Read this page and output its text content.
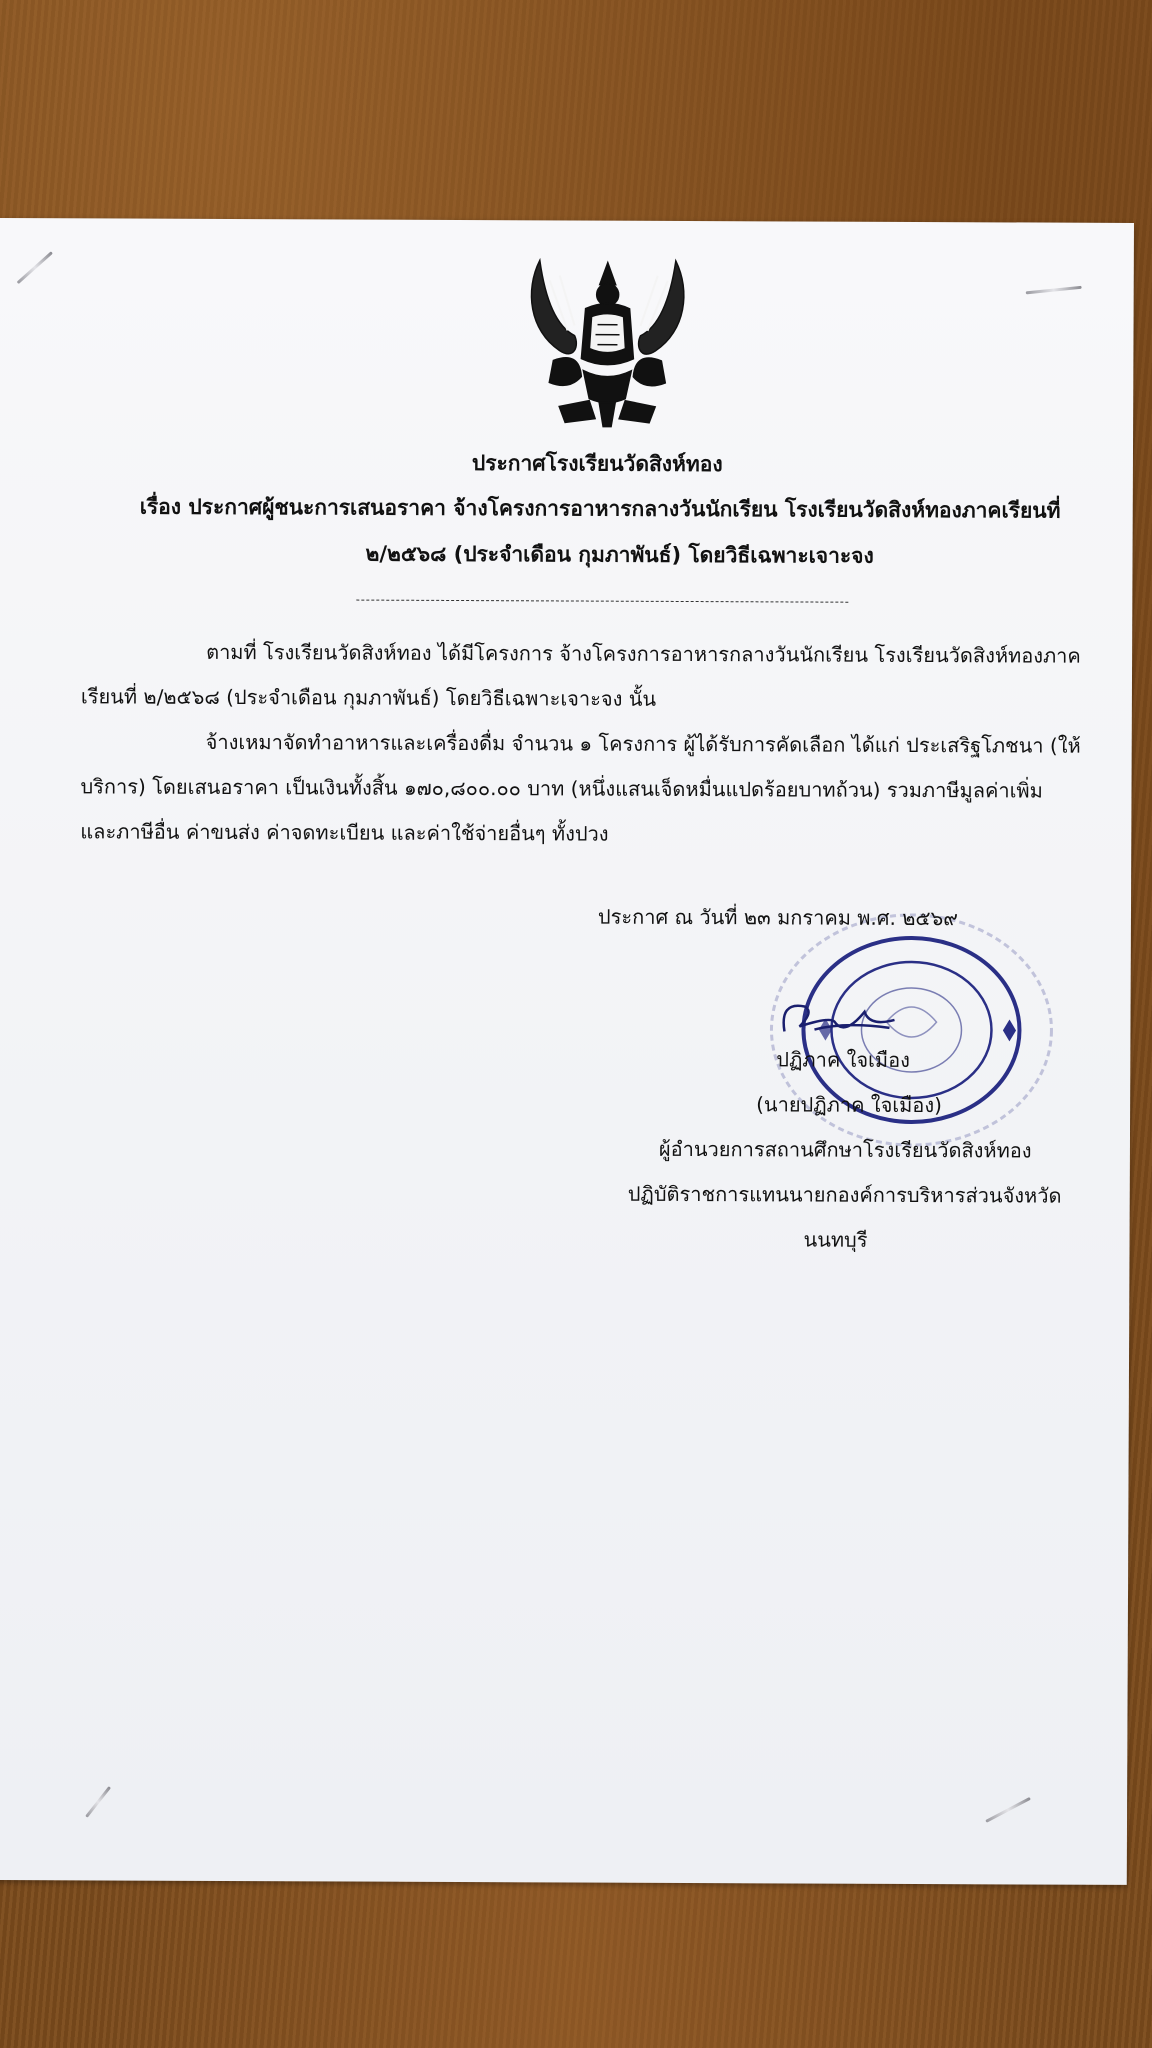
ประกาศโรงเรียนวัดสิงห์ทอง
เรื่อง ประกาศผู้ชนะการเสนอราคา จ้างโครงการอาหารกลางวันนักเรียน โรงเรียนวัดสิงห์ทองภาคเรียนที่
๒/๒๕๖๘ (ประจำเดือน กุมภาพันธ์) โดยวิธีเฉพาะเจาะจง
ตามที่ โรงเรียนวัดสิงห์ทอง ได้มีโครงการ จ้างโครงการอาหารกลางวันนักเรียน โรงเรียนวัดสิงห์ทองภาค
เรียนที่ ๒/๒๕๖๘ (ประจำเดือน กุมภาพันธ์) โดยวิธีเฉพาะเจาะจง นั้น
จ้างเหมาจัดทำอาหารและเครื่องดื่ม จำนวน ๑ โครงการ ผู้ได้รับการคัดเลือก ได้แก่ ประเสริฐโภชนา (ให้
บริการ) โดยเสนอราคา เป็นเงินทั้งสิ้น ๑๗๐,๘๐๐.๐๐ บาท (หนึ่งแสนเจ็ดหมื่นแปดร้อยบาทถ้วน) รวมภาษีมูลค่าเพิ่ม
และภาษีอื่น ค่าขนส่ง ค่าจดทะเบียน และค่าใช้จ่ายอื่นๆ ทั้งปวง
ประกาศ ณ วันที่ ๒๓ มกราคม พ.ศ. ๒๕๖๙
ปฏิภาค ใจเมือง
(นายปฏิภาค ใจเมือง)
ผู้อำนวยการสถานศึกษาโรงเรียนวัดสิงห์ทอง
ปฏิบัติราชการแทนนายกองค์การบริหารส่วนจังหวัด
นนทบุรี
